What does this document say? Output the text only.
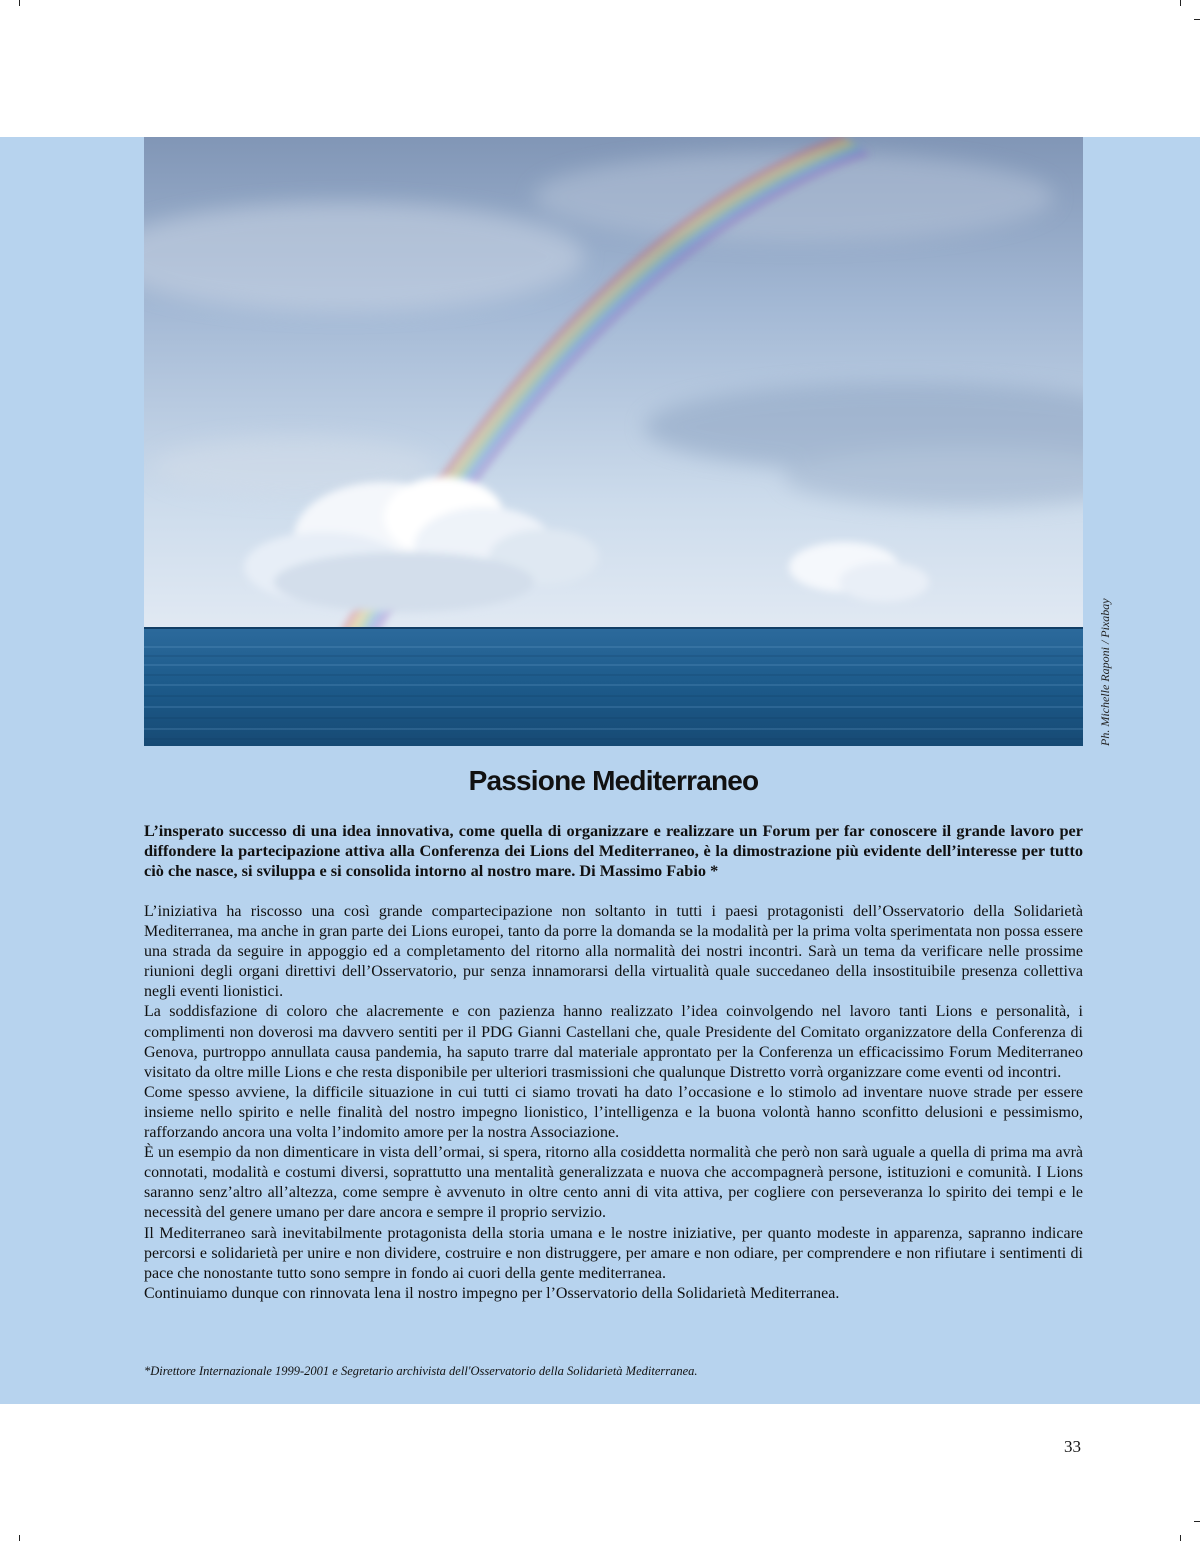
Ph. Michelle Raponi / Pixabay
Passione Mediterraneo

L’insperato successo di una idea innovativa, come quella di organizzare e realizzare un Forum per far conoscere il grande lavoro per diffondere la partecipazione attiva alla Conferenza dei Lions del Mediterraneo, è la dimostrazione più evidente dell’interesse per tutto ciò che nasce, si sviluppa e si consolida intorno al nostro mare. Di Massimo Fabio *

L’iniziativa ha riscosso una così grande compartecipazione non soltanto in tutti i paesi protagonisti dell’Osservatorio della Solidarietà Mediterranea, ma anche in gran parte dei Lions europei, tanto da porre la domanda se la modalità per la prima volta sperimentata non possa essere una strada da seguire in appoggio ed a completamento del ritorno alla normalità dei nostri incontri. Sarà un tema da verificare nelle prossime riunioni degli organi direttivi dell’Osservatorio, pur senza innamorarsi della virtualità quale succedaneo della insostituibile presenza collettiva negli eventi lionistici.

La soddisfazione di coloro che alacremente e con pazienza hanno realizzato l’idea coinvolgendo nel lavoro tanti Lions e personalità, i complimenti non doverosi ma davvero sentiti per il PDG Gianni Castellani che, quale Presidente del Comitato organizzatore della Conferenza di Genova, purtroppo annullata causa pandemia, ha saputo trarre dal materiale approntato per la Conferenza un efficacissimo Forum Mediterraneo visitato da oltre mille Lions e che resta disponibile per ulteriori trasmissioni che qualunque Distretto vorrà organizzare come eventi od incontri.

Come spesso avviene, la difficile situazione in cui tutti ci siamo trovati ha dato l’occasione e lo stimolo ad inventare nuove strade per essere insieme nello spirito e nelle finalità del nostro impegno lionistico, l’intelligenza e la buona volontà hanno sconfitto delusioni e pessimismo, rafforzando ancora una volta l’indomito amore per la nostra Associazione.

È un esempio da non dimenticare in vista dell’ormai, si spera, ritorno alla cosiddetta normalità che però non sarà uguale a quella di prima ma avrà connotati, modalità e costumi diversi, soprattutto una mentalità generalizzata e nuova che accompagnerà persone, istituzioni e comunità. I Lions saranno senz’altro all’altezza, come sempre è avvenuto in oltre cento anni di vita attiva, per cogliere con perseveranza lo spirito dei tempi e le necessità del genere umano per dare ancora e sempre il proprio servizio.

Il Mediterraneo sarà inevitabilmente protagonista della storia umana e le nostre iniziative, per quanto modeste in apparenza, sapranno indicare percorsi e solidarietà per unire e non dividere, costruire e non distruggere, per amare e non odiare, per comprendere e non rifiutare i sentimenti di pace che nonostante tutto sono sempre in fondo ai cuori della gente mediterranea.

Continuiamo dunque con rinnovata lena il nostro impegno per l’Osservatorio della Solidarietà Mediterranea.

*Direttore Internazionale 1999-2001 e Segretario archivista dell'Osservatorio della Solidarietà Mediterranea.

33
